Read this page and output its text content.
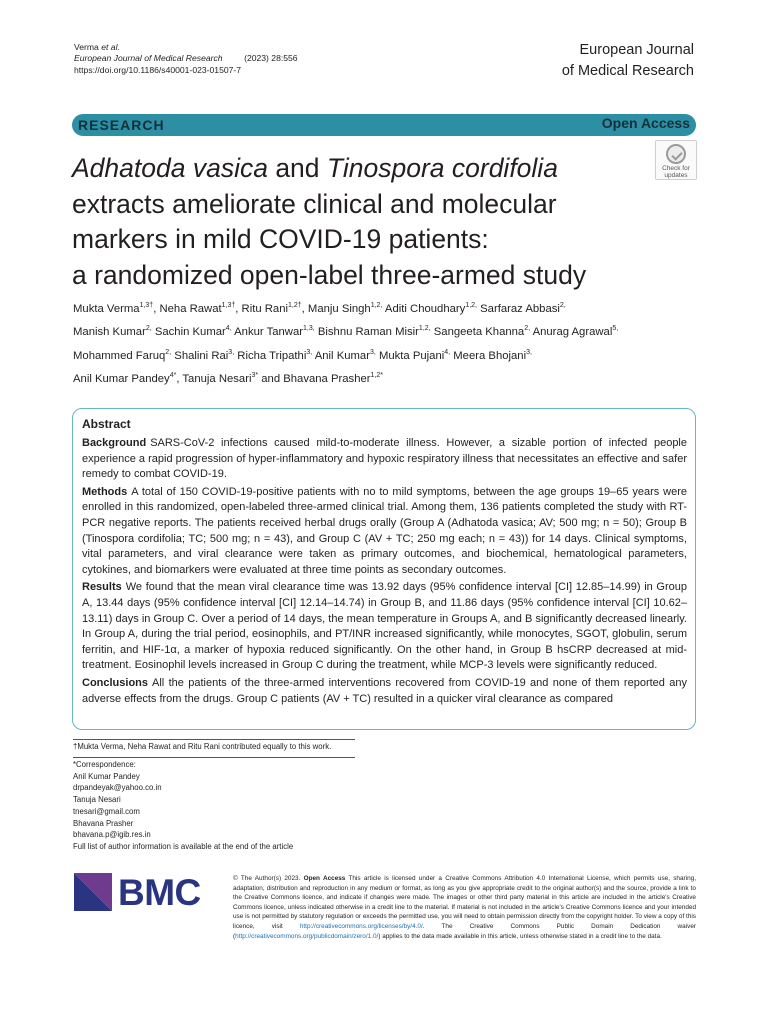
Verma et al.

European Journal of Medical Research	(2023) 28:556

https://doi.org/10.1186/s40001-023-01507-7

European Journal

of Medical Research

RESEARCH	Open Access
Adhatoda vasica and Tinospora cordifolia
extracts ameliorate clinical and molecular
markers in mild COVID-19 patients:
a randomized open-label three-armed study
Check for
updates

Mukta Verma$^{1,3\dagger}$, Neha Rawat$^{1,3\dagger}$, Ritu Rani$^{1,2\dagger}$, Manju Singh$^{1,2,}$ Aditi Choudhary$^{1,2,}$ Sarfaraz Abbasi$^{2,}$

Manish Kumar$^{2,}$ Sachin Kumar$^{4,}$ Ankur Tanwar$^{1,3,}$ Bishnu Raman Misir$^{1,2,}$ Sangeeta Khanna$^{2,}$ Anurag Agrawal$^{5,}$

Mohammed Faruq$^{2,}$ Shalini Rai$^{3,}$ Richa Tripathi$^{3,}$ Anil Kumar$^{3,}$ Mukta Pujani$^{4,}$ Meera Bhojani$^{3,}$

Anil Kumar Pandey$^{4*}$, Tanuja Nesari$^{3*}$ and Bhavana Prasher$^{1,2*}$

Abstract

Background SARS-CoV-2 infections caused mild-to-moderate illness. However, a sizable portion of infected people experience a rapid progression of hyper-inflammatory and hypoxic respiratory illness that necessitates an effective and safer remedy to combat COVID-19.

Methods A total of 150 COVID-19-positive patients with no to mild symptoms, between the age groups 19–65 years were enrolled in this randomized, open-labeled three-armed clinical trial. Among them, 136 patients completed the study with RT-PCR negative reports. The patients received herbal drugs orally (Group A (Adhatoda vasica; AV; 500 mg; n = 50); Group B (Tinospora cordifolia; TC; 500 mg; n = 43), and Group C (AV + TC; 250 mg each; n = 43)) for 14 days. Clinical symptoms, vital parameters, and viral clearance were taken as primary outcomes, and biochemical, hematological parameters, cytokines, and biomarkers were evaluated at three time points as secondary outcomes.

Results We found that the mean viral clearance time was 13.92 days (95% confidence interval [CI] 12.85–14.99) in Group A, 13.44 days (95% confidence interval [CI] 12.14–14.74) in Group B, and 11.86 days (95% confidence interval [CI] 10.62–13.11) days in Group C. Over a period of 14 days, the mean temperature in Groups A, and B significantly decreased linearly. In Group A, during the trial period, eosinophils, and PT/INR increased significantly, while monocytes, SGOT, globulin, serum ferritin, and HIF-1α, a marker of hypoxia reduced significantly. On the other hand, in Group B hsCRP decreased at mid-treatment. Eosinophil levels increased in Group C during the treatment, while MCP-3 levels were significantly reduced.

Conclusions All the patients of the three-armed interventions recovered from COVID-19 and none of them reported any adverse effects from the drugs. Group C patients (AV + TC) resulted in a quicker viral clearance as compared

†Mukta Verma, Neha Rawat and Ritu Rani contributed equally to this work.

*Correspondence:

Anil Kumar Pandey

drpandeyak@yahoo.co.in

Tanuja Nesari

tnesari@gmail.com

Bhavana Prasher

bhavana.p@igib.res.in

Full list of author information is available at the end of the article

BMC	© The Author(s) 2023. Open Access This article is licensed under a Creative Commons Attribution 4.0 International License, which permits use, sharing, adaptation, distribution and reproduction in any medium or format, as long as you give appropriate credit to the original author(s) and the source, provide a link to the Creative Commons licence, and indicate if changes were made. The images or other third party material in this article are included in the article's Creative Commons licence, unless indicated otherwise in a credit line to the material. If material is not included in the article's Creative Commons licence and your intended use is not permitted by statutory regulation or exceeds the permitted use, you will need to obtain permission directly from the copyright holder. To view a copy of this licence, visit http://creativecommons.org/licenses/by/4.0/. The Creative Commons Public Domain Dedication waiver (http://creativecommons.org/publicdomain/zero/1.0/) applies to the data made available in this article, unless otherwise stated in a credit line to the data.
